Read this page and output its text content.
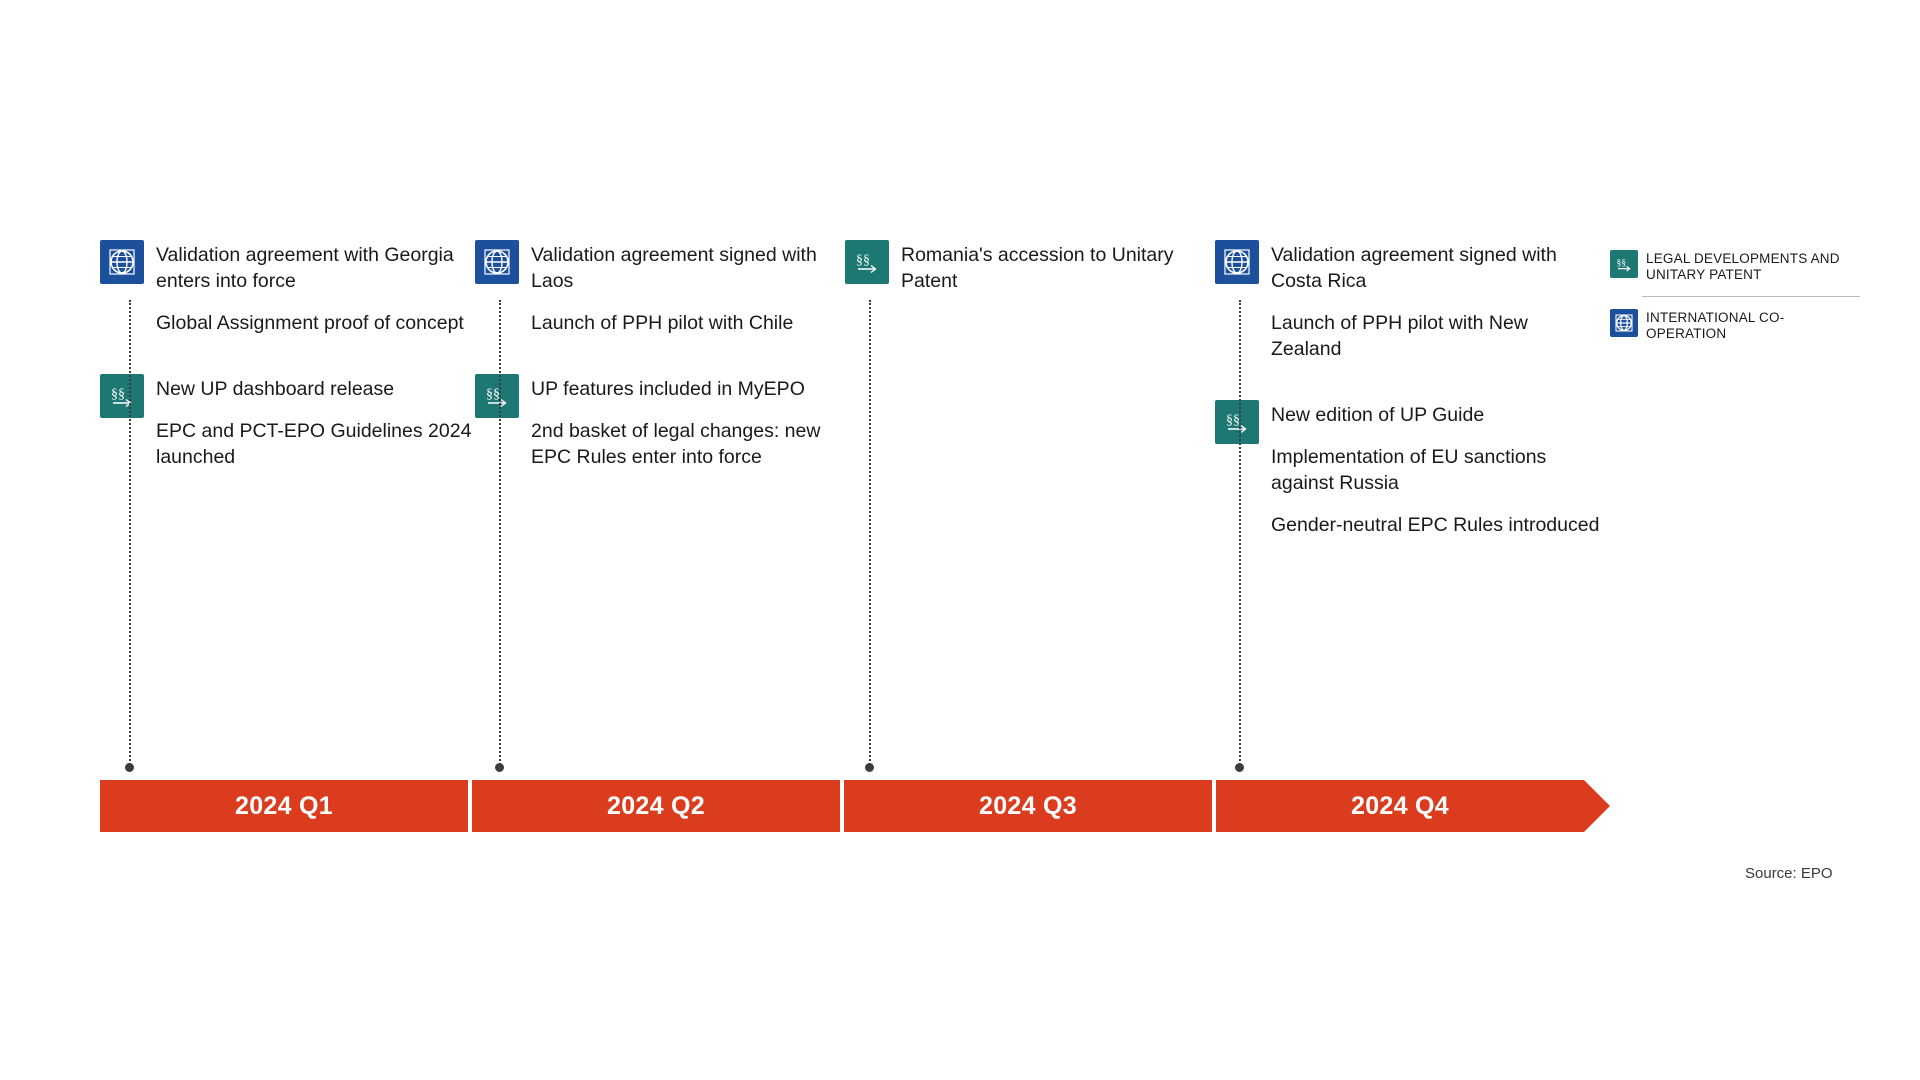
Validation agreement with Georgia enters into force
Global Assignment proof of concept
§§ New UP dashboard release
EPC and PCT-EPO Guidelines 2024 launched
Validation agreement signed with Laos
Launch of PPH pilot with Chile
§§ UP features included in MyEPO
2nd basket of legal changes: new EPC Rules enter into force
§§ Romania's accession to Unitary Patent
Validation agreement signed with Costa Rica
Launch of PPH pilot with New Zealand
§§ New edition of UP Guide
Implementation of EU sanctions against Russia
Gender-neutral EPC Rules introduced
2024 Q1	2024 Q2	2024 Q3	2024 Q4
§§ LEGAL DEVELOPMENTS AND UNITARY PATENT
INTERNATIONAL CO-OPERATION
Source: EPO
